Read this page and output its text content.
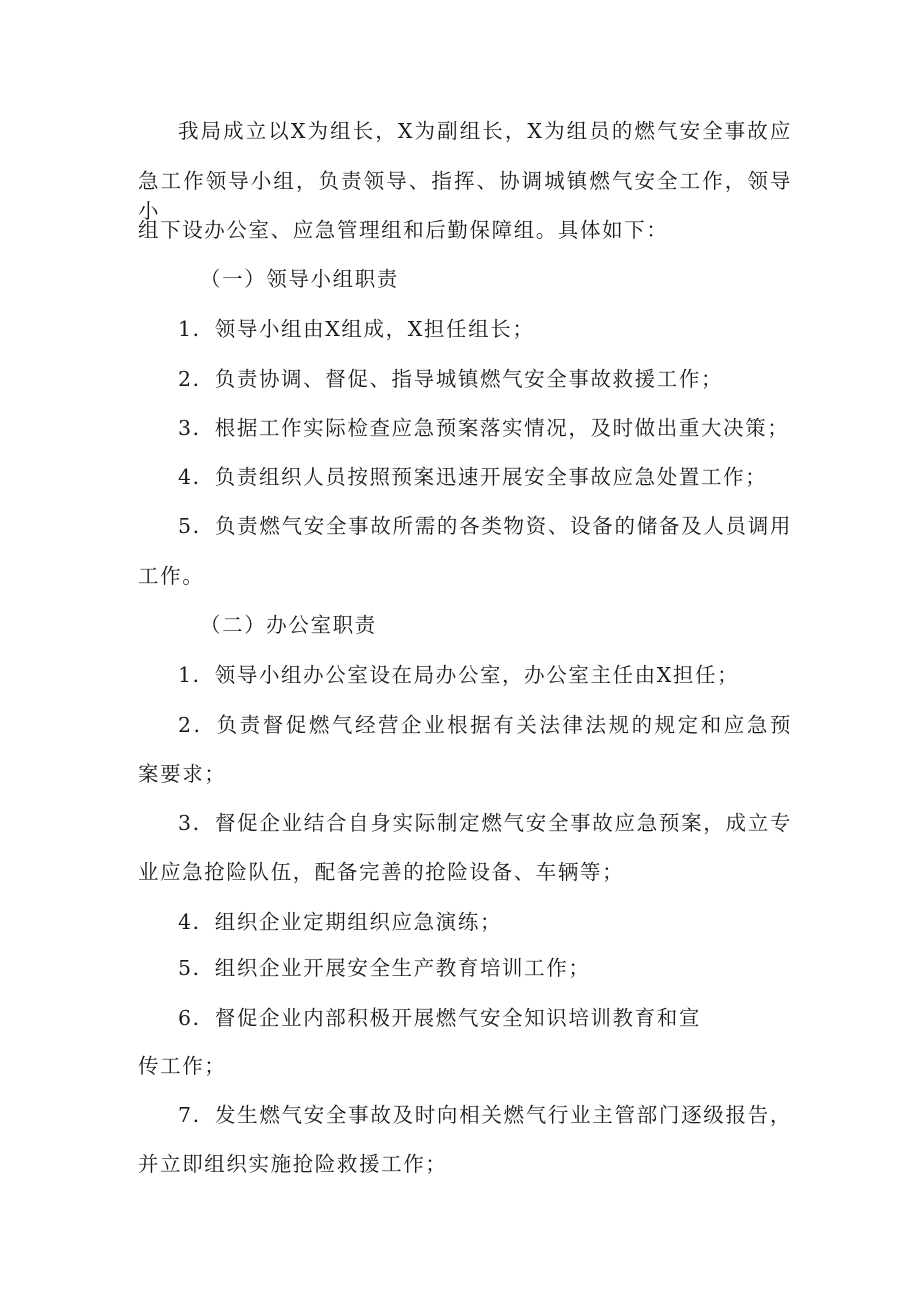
我局成立以X为组长，X为副组长，X为组员的燃气安全事故应
急工作领导小组，负责领导、指挥、协调城镇燃气安全工作，领导小
组下设办公室、应急管理组和后勤保障组。具体如下：
（一）领导小组职责
1．领导小组由X组成，X担任组长；
2．负责协调、督促、指导城镇燃气安全事故救援工作；
3．根据工作实际检查应急预案落实情况，及时做出重大决策；
4．负责组织人员按照预案迅速开展安全事故应急处置工作；
5．负责燃气安全事故所需的各类物资、设备的储备及人员调用
工作。
（二）办公室职责
1．领导小组办公室设在局办公室，办公室主任由X担任；
2．负责督促燃气经营企业根据有关法律法规的规定和应急预
案要求；
3．督促企业结合自身实际制定燃气安全事故应急预案，成立专
业应急抢险队伍，配备完善的抢险设备、车辆等；
4．组织企业定期组织应急演练；
5．组织企业开展安全生产教育培训工作；
6．督促企业内部积极开展燃气安全知识培训教育和宣
传工作；
7．发生燃气安全事故及时向相关燃气行业主管部门逐级报告，
并立即组织实施抢险救援工作；
